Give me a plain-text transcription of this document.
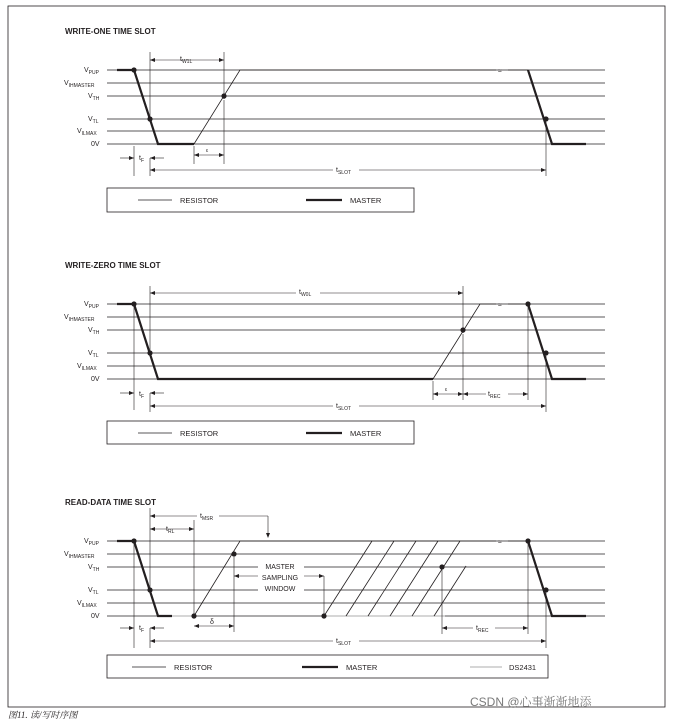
WRITE-ONE TIME SLOT
$V_{PUP}$
$V_{IHMASTER}$
$V_{TH}$
$V_{TL}$
$V_{ILMAX}$
0V
≈
$t_{W1L}$
$t_F$
ε
$t_{SLOT}$
RESISTOR	MASTER
WRITE-ZERO TIME SLOT
$V_{PUP}$
$V_{IHMASTER}$
$V_{TH}$
$V_{TL}$
$V_{ILMAX}$
0V
≈
$t_{W0L}$
$t_F$
ε
$t_{REC}$
$t_{SLOT}$
RESISTOR	MASTER
READ-DATA TIME SLOT
$V_{PUP}$
$V_{IHMASTER}$
$V_{TH}$
$V_{TL}$
$V_{ILMAX}$
0V
≈
$t_{MSR}$
$t_{RL}$
MASTER
SAMPLING
WINDOW
δ
$t_F$	$t_{REC}$
$t_{SLOT}$
RESISTOR	MASTER	DS2431
CSDN @心事渐渐地添
图11. 读/写时序图
